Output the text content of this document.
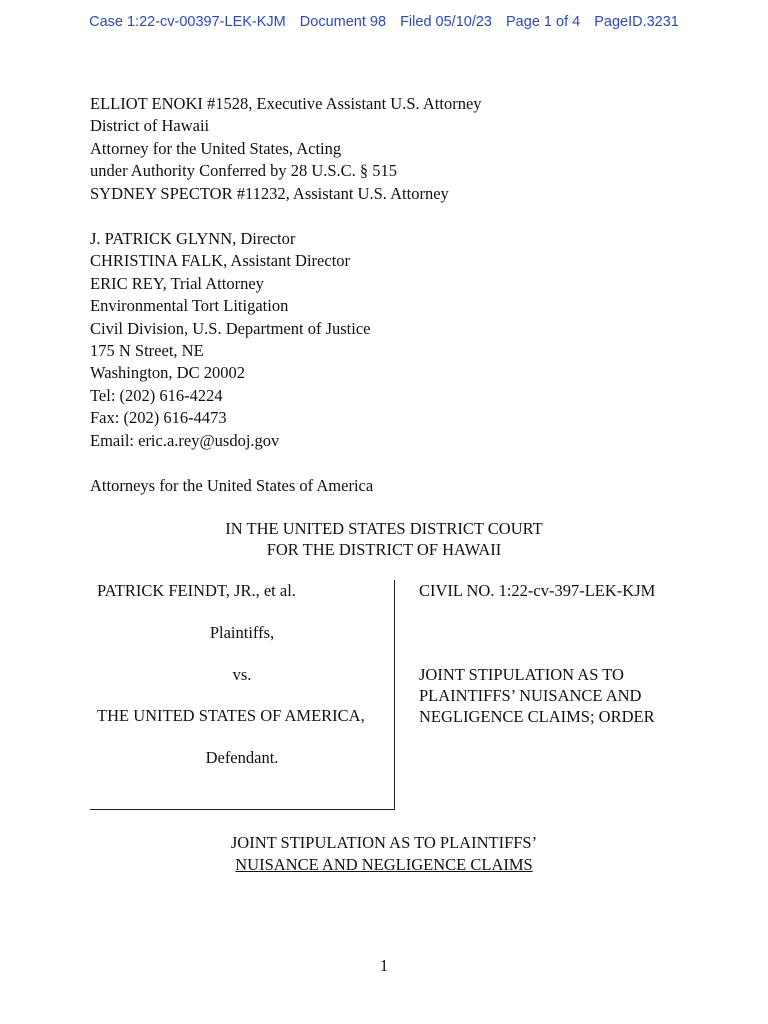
Case 1:22-cv-00397-LEK-KJM Document 98 Filed 05/10/23 Page 1 of 4 PageID.3231
ELLIOT ENOKI #1528, Executive Assistant U.S. Attorney
District of Hawaii
Attorney for the United States, Acting
under Authority Conferred by 28 U.S.C. § 515
SYDNEY SPECTOR #11232, Assistant U.S. Attorney
J. PATRICK GLYNN, Director
CHRISTINA FALK, Assistant Director
ERIC REY, Trial Attorney
Environmental Tort Litigation
Civil Division, U.S. Department of Justice
175 N Street, NE
Washington, DC 20002
Tel: (202) 616-4224
Fax: (202) 616-4473
Email: eric.a.rey@usdoj.gov
Attorneys for the United States of America
IN THE UNITED STATES DISTRICT COURT
FOR THE DISTRICT OF HAWAII
PATRICK FEINDT, JR., et al.
Plaintiffs,
vs.
THE UNITED STATES OF AMERICA,
Defendant.
CIVIL NO. 1:22-cv-397-LEK-KJM
JOINT STIPULATION AS TO
PLAINTIFFS’ NUISANCE AND
NEGLIGENCE CLAIMS; ORDER
JOINT STIPULATION AS TO PLAINTIFFS’
NUISANCE AND NEGLIGENCE CLAIMS
1
